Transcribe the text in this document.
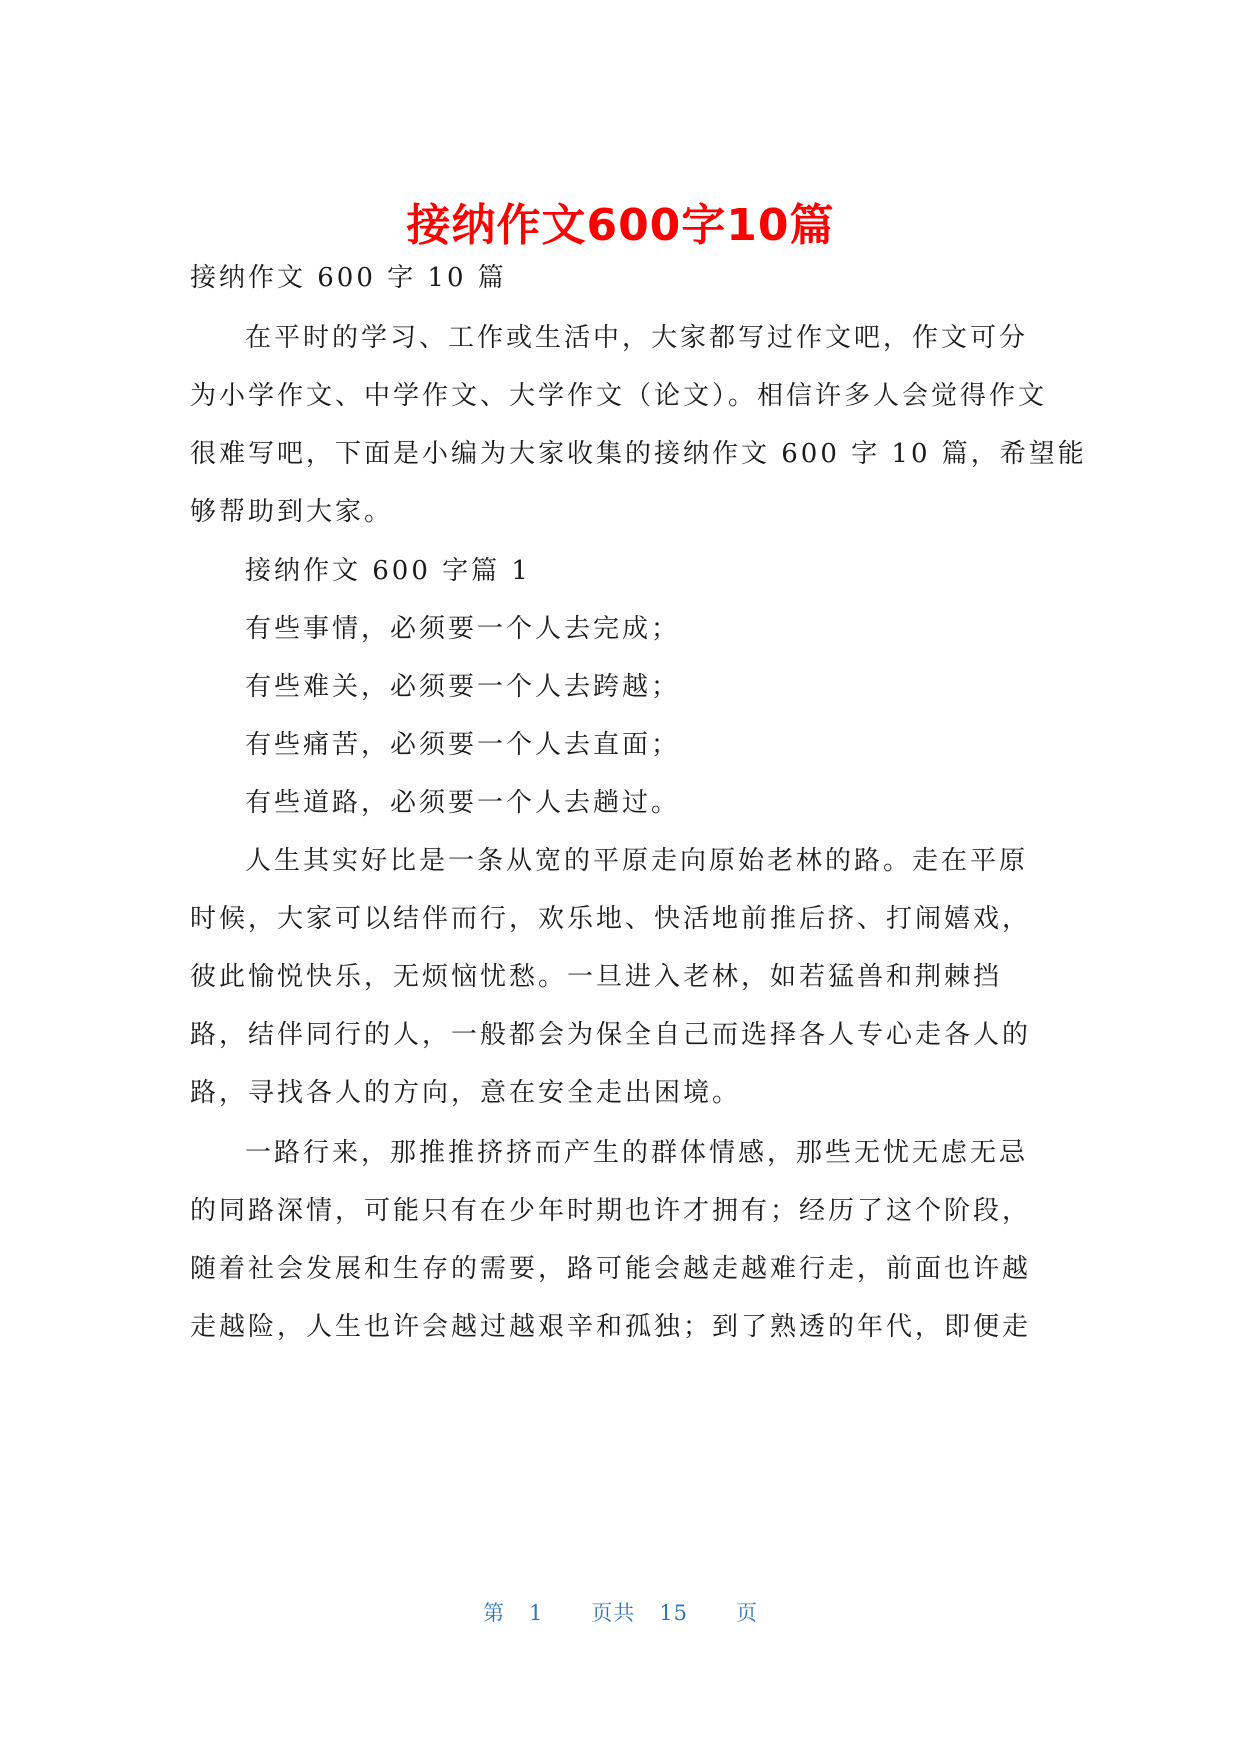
接纳作文600字10篇
接纳作文 600 字 10 篇
在平时的学习、工作或生活中，大家都写过作文吧，作文可分
为小学作文、中学作文、大学作文（论文）。相信许多人会觉得作文
很难写吧，下面是小编为大家收集的接纳作文 600 字 10 篇，希望能
够帮助到大家。
接纳作文 600 字篇 1
有些事情，必须要一个人去完成；
有些难关，必须要一个人去跨越；
有些痛苦，必须要一个人去直面；
有些道路，必须要一个人去趟过。
人生其实好比是一条从宽的平原走向原始老林的路。走在平原
时候，大家可以结伴而行，欢乐地、快活地前推后挤、打闹嬉戏，
彼此愉悦快乐，无烦恼忧愁。一旦进入老林，如若猛兽和荆棘挡
路，结伴同行的人，一般都会为保全自己而选择各人专心走各人的
路，寻找各人的方向，意在安全走出困境。
一路行来，那推推挤挤而产生的群体情感，那些无忧无虑无忌
的同路深情，可能只有在少年时期也许才拥有；经历了这个阶段，
随着社会发展和生存的需要，路可能会越走越难行走，前面也许越
走越险，人生也许会越过越艰辛和孤独；到了熟透的年代，即便走
第 1 页共 15 页
